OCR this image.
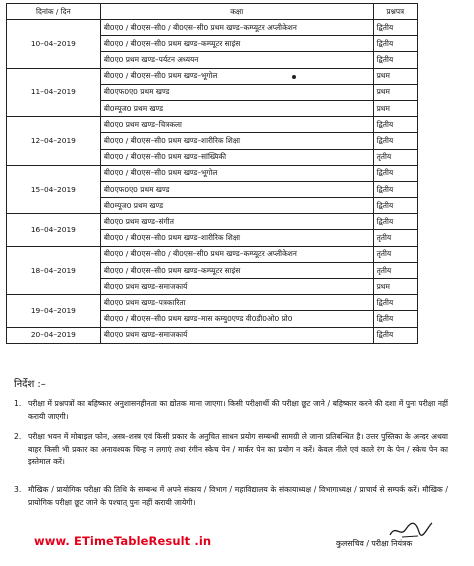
दिनांक / दिन	कक्षा	प्रश्नपत्र
10–04–2019	बी0ए0 / बी0एस–सी0 / बी0एस–सी0 प्रथम खण्ड–कम्प्यूटर अप्लीकेशन	द्वितीय
	बी0ए0 / बी0एस–सी0 प्रथम खण्ड–कम्प्यूटर साइंस	द्वितीय
	बी0ए0 प्रथम खण्ड–पर्यटन अध्ययन	द्वितीय
11–04–2019	बी0ए0 / बी0एस–सी0 प्रथम खण्ड–भूगोल	प्रथम
	बी0एफ0ए0 प्रथम खण्ड	प्रथम
	बी0म्यूज0 प्रथम खण्ड	प्रथम
12–04–2019	बी0ए0 प्रथम खण्ड–चित्रकला	द्वितीय
	बी0ए0 / बी0एस–सी0 प्रथम खण्ड–शारीरिक शिक्षा	द्वितीय
	बी0ए0 / बी0एस–सी0 प्रथम खण्ड–सांख्यिकी	तृतीय
15–04–2019	बी0ए0 / बी0एस–सी0 प्रथम खण्ड–भूगोल	द्वितीय
	बी0एफ0ए0 प्रथम खण्ड	द्वितीय
	बी0म्यूज0 प्रथम खण्ड	द्वितीय
16–04–2019	बी0ए0 प्रथम खण्ड–संगीत	द्वितीय
	बी0ए0 / बी0एस–सी0 प्रथम खण्ड–शारीरिक शिक्षा	तृतीय
18–04–2019	बी0ए0 / बी0एस–सी0 / बी0एस–सी0 प्रथम खण्ड–कम्प्यूटर अप्लीकेशन	तृतीय
	बी0ए0 / बी0एस–सी0 प्रथम खण्ड–कम्प्यूटर साइंस	तृतीय
	बी0ए0 प्रथम खण्ड–समाजकार्य	प्रथम
19–04–2019	बी0ए0 प्रथम खण्ड–पत्रकारिता	द्वितीय
	बी0ए0 / बी0एस–सी0 प्रथम खण्ड–मास कम्यु0एण्ड वी0डी0ओ0 प्रो0	द्वितीय
20–04–2019	बी0ए0 प्रथम खण्ड–समाजकार्य	द्वितीय
निर्देश :–
1. परीक्षा में प्रश्नपत्रों का बहिष्कार अनुशासनहीनता का द्योतक माना जाएगा। किसी परीक्षार्थी की परीक्षा छूट जाने / बहिष्कार करने की दशा में पुनः परीक्षा नहीं करायी जाएगी।
2. परीक्षा भवन में मोबाइल फोन, अस्त्र–शस्त्र एवं किसी प्रकार के अनुचित साधन प्रयोग सम्बन्धी सामग्री ले जाना प्रतिबन्धित है। उत्तर पुस्तिका के अन्दर अथवा बाहर किसी भी प्रकार का अनावश्यक चिन्ह न लगाएं तथा रंगीन स्केच पेन / मार्कर पेन का प्रयोग न करें। केवल नीले एवं काले रंग के पेन / स्केच पेन का इस्तेमाल करें।
3. मौखिक / प्रायोगिक परीक्षा की तिथि के सम्बन्ध में अपने संकाय / विभाग / महाविद्यालय के संकायाध्यक्ष / विभागाध्यक्ष / प्राचार्य से सम्पर्क करें। मौखिक / प्रायोगिक परीक्षा छूट जाने के पश्चात् पुनः नहीं करायी जायेगी।
www. ETimeTableResult .in	कुलसचिव / परीक्षा नियंत्रक
